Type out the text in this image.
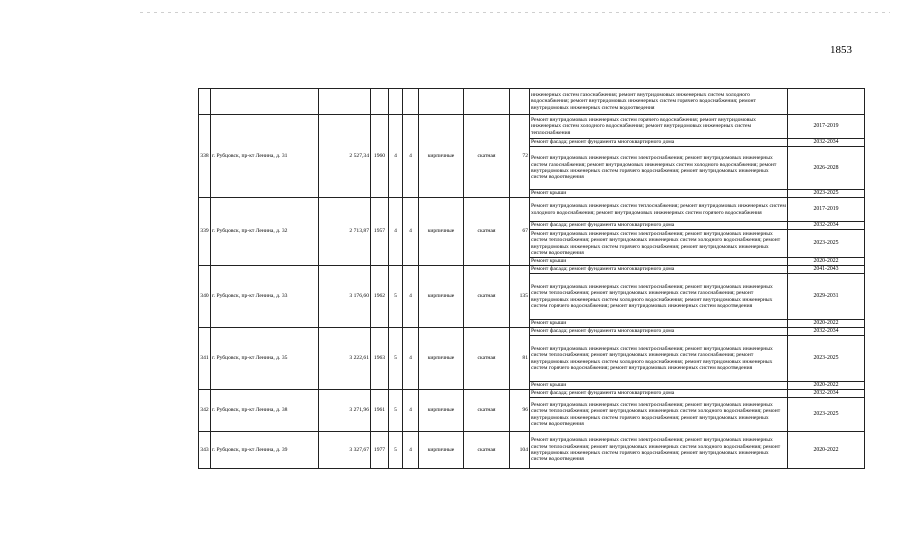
1853
									инженерных систем газоснабжения; ремонт внутридомовых инженерных систем холодного водоснабжения; ремонт внутридомовых инженерных систем горячего водоснабжения; ремонт внутридомовых инженерных систем водоотведения	
338	г. Рубцовск, пр-кт Ленина, д. 31	2 527,34	1960	4	4	кирпичные	скатная	72	Ремонт внутридомовых инженерных систем горячего водоснабжения; ремонт внутридомовых инженерных систем холодного водоснабжения; ремонт внутридомовых инженерных систем теплоснабжения	2017-2019
									Ремонт фасада; ремонт фундамента многоквартирного дома	2032-2034
									Ремонт внутридомовых инженерных систем электроснабжения; ремонт внутридомовых инженерных систем газоснабжения; ремонт внутридомовых инженерных систем холодного водоснабжения; ремонт внутридомовых инженерных систем горячего водоснабжения; ремонт внутридомовых инженерных систем водоотведения	2026-2028
									Ремонт крыши	2023-2025
339	г. Рубцовск, пр-кт Ленина, д. 32	2 713,87	1957	4	4	кирпичные	скатная	67	Ремонт внутридомовых инженерных систем теплоснабжения; ремонт внутридомовых инженерных систем холодного водоснабжения; ремонт внутридомовых инженерных систем горячего водоснабжения	2017-2019
									Ремонт фасада; ремонт фундамента многоквартирного дома	2032-2034
									Ремонт внутридомовых инженерных систем электроснабжения; ремонт внутридомовых инженерных систем теплоснабжения; ремонт внутридомовых инженерных систем холодного водоснабжения; ремонт внутридомовых инженерных систем горячего водоснабжения; ремонт внутридомовых инженерных систем водоотведения	2023-2025
									Ремонт крыши	2020-2022
340	г. Рубцовск, пр-кт Ленина, д. 33	3 176,60	1962	5	4	кирпичные	скатная	135	Ремонт фасада; ремонт фундамента многоквартирного дома	2041-2043
									Ремонт внутридомовых инженерных систем электроснабжения; ремонт внутридомовых инженерных систем теплоснабжения; ремонт внутридомовых инженерных систем газоснабжения; ремонт внутридомовых инженерных систем холодного водоснабжения; ремонт внутридомовых инженерных систем горячего водоснабжения; ремонт внутридомовых инженерных систем водоотведения	2029-2031
									Ремонт крыши	2020-2022
341	г. Рубцовск, пр-кт Ленина, д. 35	3 222,61	1963	5	4	кирпичные	скатная	81	Ремонт фасада; ремонт фундамента многоквартирного дома	2032-2034
									Ремонт внутридомовых инженерных систем электроснабжения; ремонт внутридомовых инженерных систем теплоснабжения; ремонт внутридомовых инженерных систем газоснабжения; ремонт внутридомовых инженерных систем холодного водоснабжения; ремонт внутридомовых инженерных систем горячего водоснабжения; ремонт внутридомовых инженерных систем водоотведения	2023-2025
									Ремонт крыши	2020-2022
342	г. Рубцовск, пр-кт Ленина, д. 38	3 271,96	1961	5	4	кирпичные	скатная	96	Ремонт фасада; ремонт фундамента многоквартирного дома	2032-2034
									Ремонт внутридомовых инженерных систем электроснабжения; ремонт внутридомовых инженерных систем теплоснабжения; ремонт внутридомовых инженерных систем холодного водоснабжения; ремонт внутридомовых инженерных систем горячего водоснабжения; ремонт внутридомовых инженерных систем водоотведения	2023-2025
343	г. Рубцовск, пр-кт Ленина, д. 39	3 327,67	1977	5	4	кирпичные	скатная	104	Ремонт внутридомовых инженерных систем электроснабжения; ремонт внутридомовых инженерных систем теплоснабжения; ремонт внутридомовых инженерных систем холодного водоснабжения; ремонт внутридомовых инженерных систем горячего водоснабжения; ремонт внутридомовых инженерных систем водоотведения	2020-2022
